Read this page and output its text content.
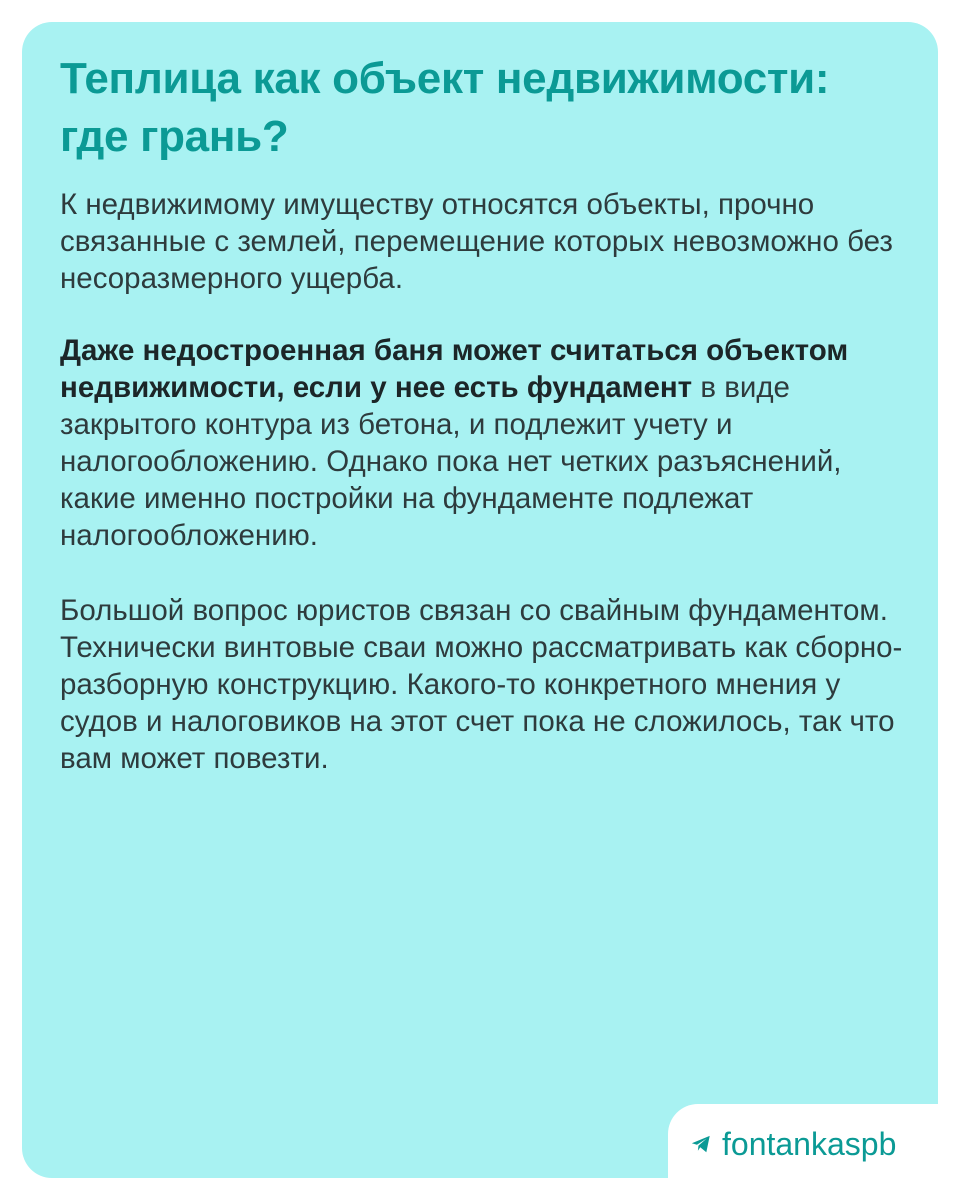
Теплица как объект недвижимости: где грань?

К недвижимому имуществу относятся объекты, прочно связанные с землей, перемещение которых невозможно без несоразмерного ущерба.

Даже недостроенная баня может считаться объектом недвижимости, если у нее есть фундамент в виде закрытого контура из бетона, и подлежит учету и налогообложению. Однако пока нет четких разъяснений, какие именно постройки на фундаменте подлежат налогообложению.

Большой вопрос юристов связан со свайным фундаментом. Технически винтовые сваи можно рассматривать как сборно-разборную конструкцию. Какого-то конкретного мнения у судов и налоговиков на этот счет пока не сложилось, так что вам может повезти.

fontankaspb
